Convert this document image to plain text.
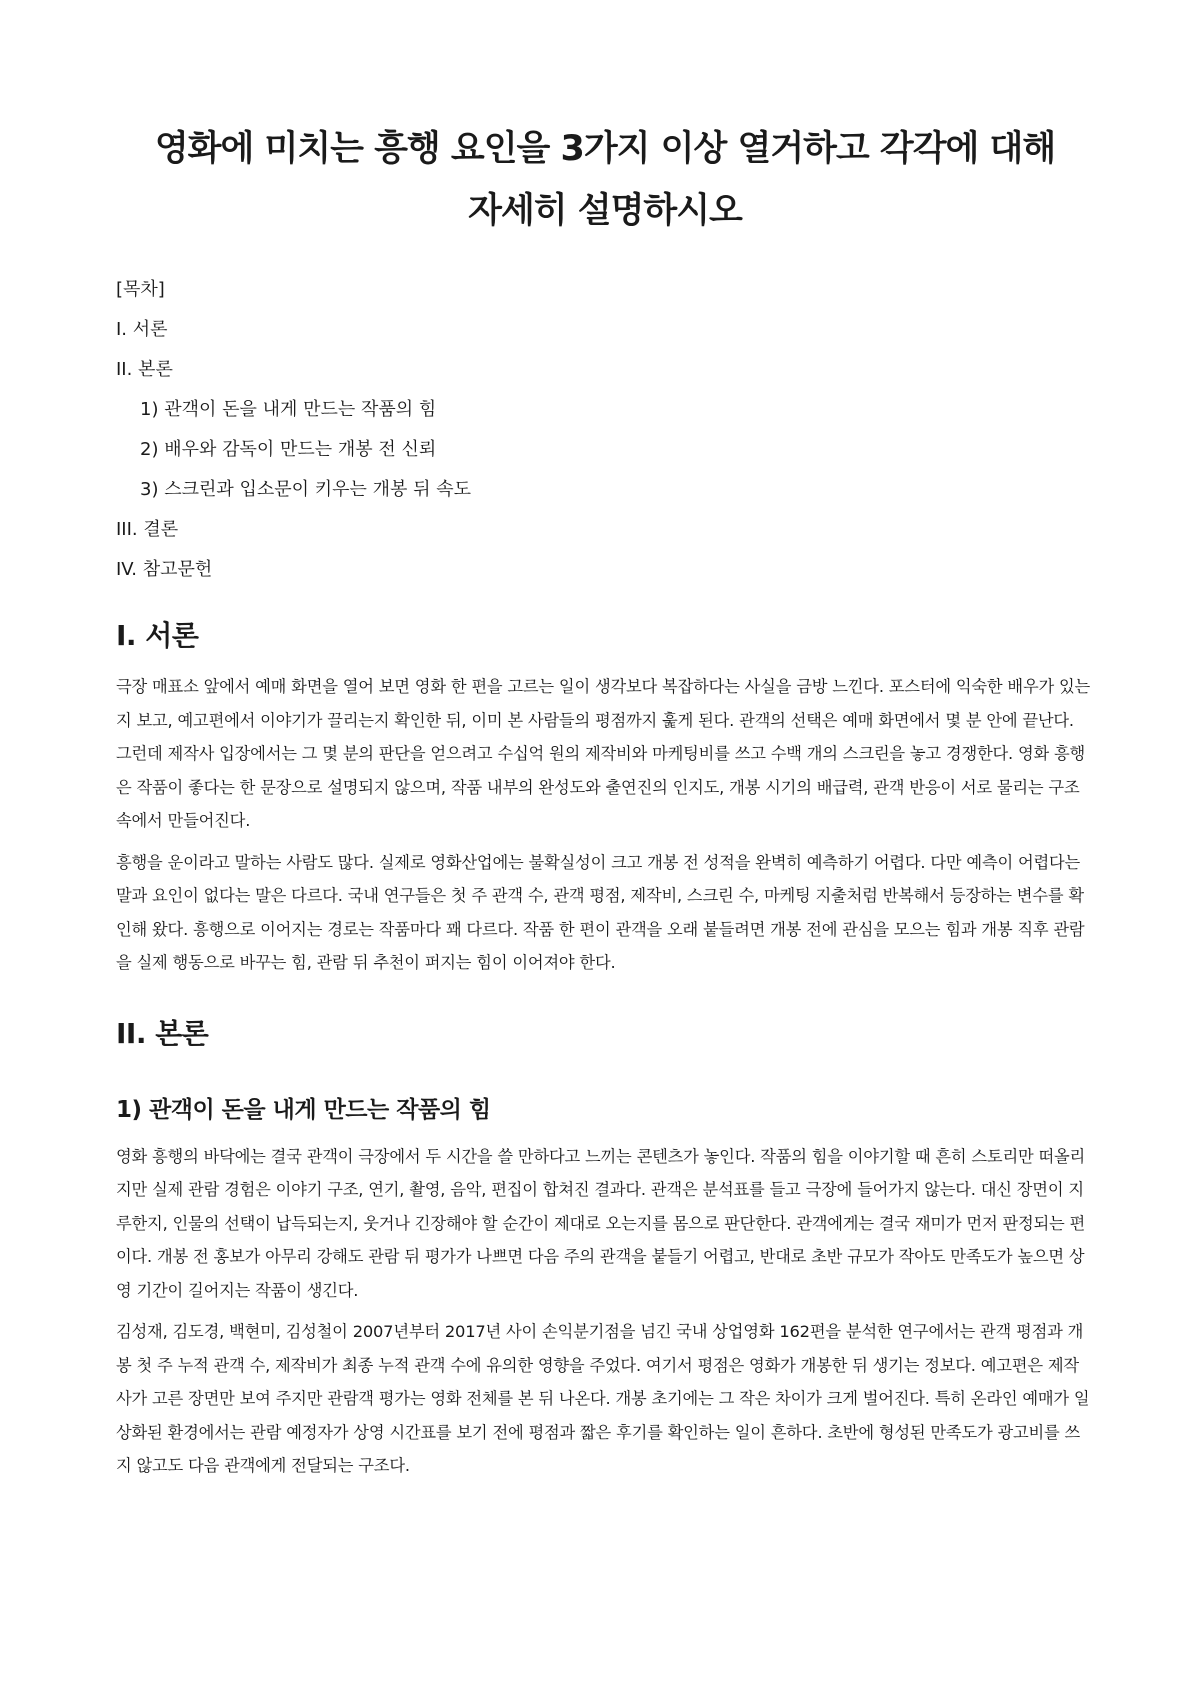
영화에 미치는 흥행 요인을 3가지 이상 열거하고 각각에 대해
자세히 설명하시오

[목차]

I. 서론

II. 본론

1) 관객이 돈을 내게 만드는 작품의 힘

2) 배우와 감독이 만드는 개봉 전 신뢰

3) 스크린과 입소문이 키우는 개봉 뒤 속도

III. 결론

IV. 참고문헌

I. 서론

극장 매표소 앞에서 예매 화면을 열어 보면 영화 한 편을 고르는 일이 생각보다 복잡하다는 사실을 금방 느낀다. 포스터에 익숙한 배우가 있는지 보고, 예고편에서 이야기가 끌리는지 확인한 뒤, 이미 본 사람들의 평점까지 훑게 된다. 관객의 선택은 예매 화면에서 몇 분 안에 끝난다. 그런데 제작사 입장에서는 그 몇 분의 판단을 얻으려고 수십억 원의 제작비와 마케팅비를 쓰고 수백 개의 스크린을 놓고 경쟁한다. 영화 흥행은 작품이 좋다는 한 문장으로 설명되지 않으며, 작품 내부의 완성도와 출연진의 인지도, 개봉 시기의 배급력, 관객 반응이 서로 물리는 구조 속에서 만들어진다.

흥행을 운이라고 말하는 사람도 많다. 실제로 영화산업에는 불확실성이 크고 개봉 전 성적을 완벽히 예측하기 어렵다. 다만 예측이 어렵다는 말과 요인이 없다는 말은 다르다. 국내 연구들은 첫 주 관객 수, 관객 평점, 제작비, 스크린 수, 마케팅 지출처럼 반복해서 등장하는 변수를 확인해 왔다. 흥행으로 이어지는 경로는 작품마다 꽤 다르다. 작품 한 편이 관객을 오래 붙들려면 개봉 전에 관심을 모으는 힘과 개봉 직후 관람을 실제 행동으로 바꾸는 힘, 관람 뒤 추천이 퍼지는 힘이 이어져야 한다.

II. 본론
1) 관객이 돈을 내게 만드는 작품의 힘

영화 흥행의 바닥에는 결국 관객이 극장에서 두 시간을 쓸 만하다고 느끼는 콘텐츠가 놓인다. 작품의 힘을 이야기할 때 흔히 스토리만 떠올리지만 실제 관람 경험은 이야기 구조, 연기, 촬영, 음악, 편집이 합쳐진 결과다. 관객은 분석표를 들고 극장에 들어가지 않는다. 대신 장면이 지루한지, 인물의 선택이 납득되는지, 웃거나 긴장해야 할 순간이 제대로 오는지를 몸으로 판단한다. 관객에게는 결국 재미가 먼저 판정되는 편이다. 개봉 전 홍보가 아무리 강해도 관람 뒤 평가가 나쁘면 다음 주의 관객을 붙들기 어렵고, 반대로 초반 규모가 작아도 만족도가 높으면 상영 기간이 길어지는 작품이 생긴다.

김성재, 김도경, 백현미, 김성철이 2007년부터 2017년 사이 손익분기점을 넘긴 국내 상업영화 162편을 분석한 연구에서는 관객 평점과 개봉 첫 주 누적 관객 수, 제작비가 최종 누적 관객 수에 유의한 영향을 주었다. 여기서 평점은 영화가 개봉한 뒤 생기는 정보다. 예고편은 제작사가 고른 장면만 보여 주지만 관람객 평가는 영화 전체를 본 뒤 나온다. 개봉 초기에는 그 작은 차이가 크게 벌어진다. 특히 온라인 예매가 일상화된 환경에서는 관람 예정자가 상영 시간표를 보기 전에 평점과 짧은 후기를 확인하는 일이 흔하다. 초반에 형성된 만족도가 광고비를 쓰지 않고도 다음 관객에게 전달되는 구조다.
